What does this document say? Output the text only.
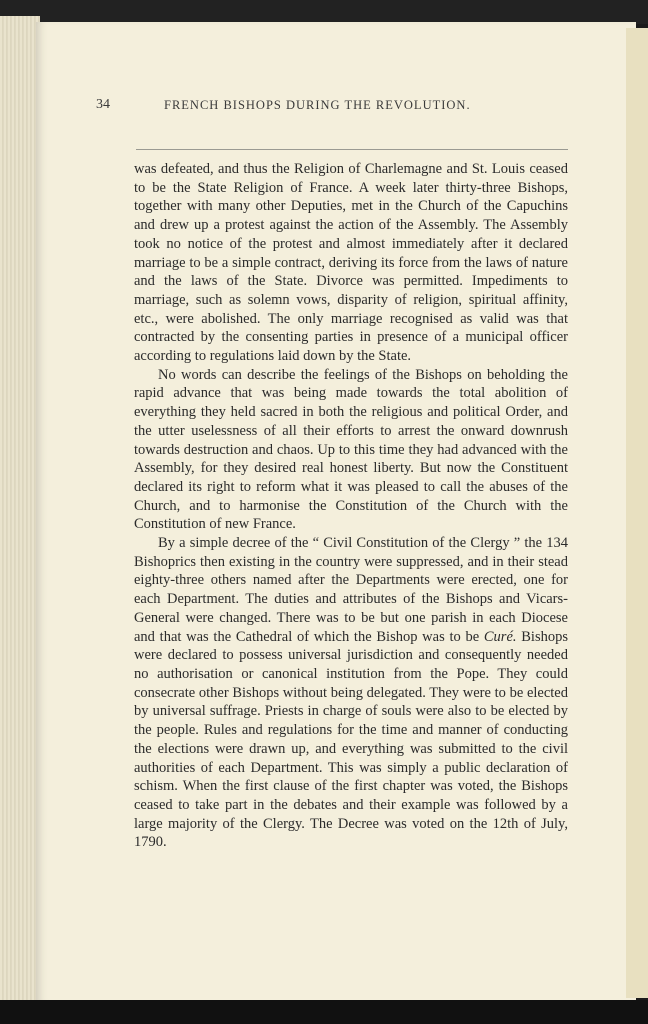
34	FRENCH BISHOPS DURING THE REVOLUTION.

was defeated, and thus the Religion of Charlemagne and St. Louis ceased to be the State Religion of France. A week later thirty-three Bishops, together with many other Deputies, met in the Church of the Capuchins and drew up a protest against the action of the Assembly. The Assembly took no notice of the protest and almost immediately after it declared marriage to be a simple contract, deriving its force from the laws of nature and the laws of the State. Divorce was permitted. Impediments to marriage, such as solemn vows, disparity of religion, spiritual affinity, etc., were abolished. The only marriage recognised as valid was that contracted by the consenting parties in presence of a municipal officer according to regulations laid down by the State.

No words can describe the feelings of the Bishops on beholding the rapid advance that was being made towards the total abolition of everything they held sacred in both the religious and political Order, and the utter uselessness of all their efforts to arrest the onward downrush towards destruction and chaos. Up to this time they had advanced with the Assembly, for they desired real honest liberty. But now the Constituent declared its right to reform what it was pleased to call the abuses of the Church, and to harmonise the Constitution of the Church with the Constitution of new France.

By a simple decree of the “ Civil Constitution of the Clergy ” the 134 Bishoprics then existing in the country were suppressed, and in their stead eighty-three others named after the Departments were erected, one for each Department. The duties and attributes of the Bishops and Vicars-General were changed. There was to be but one parish in each Diocese and that was the Cathedral of which the Bishop was to be Curé. Bishops were declared to possess universal jurisdiction and consequently needed no authorisation or canonical institution from the Pope. They could consecrate other Bishops without being delegated. They were to be elected by universal suffrage. Priests in charge of souls were also to be elected by the people. Rules and regulations for the time and manner of conducting the elections were drawn up, and everything was submitted to the civil authorities of each Department. This was simply a public declaration of schism. When the first clause of the first chapter was voted, the Bishops ceased to take part in the debates and their example was followed by a large majority of the Clergy. The Decree was voted on the 12th of July, 1790.
